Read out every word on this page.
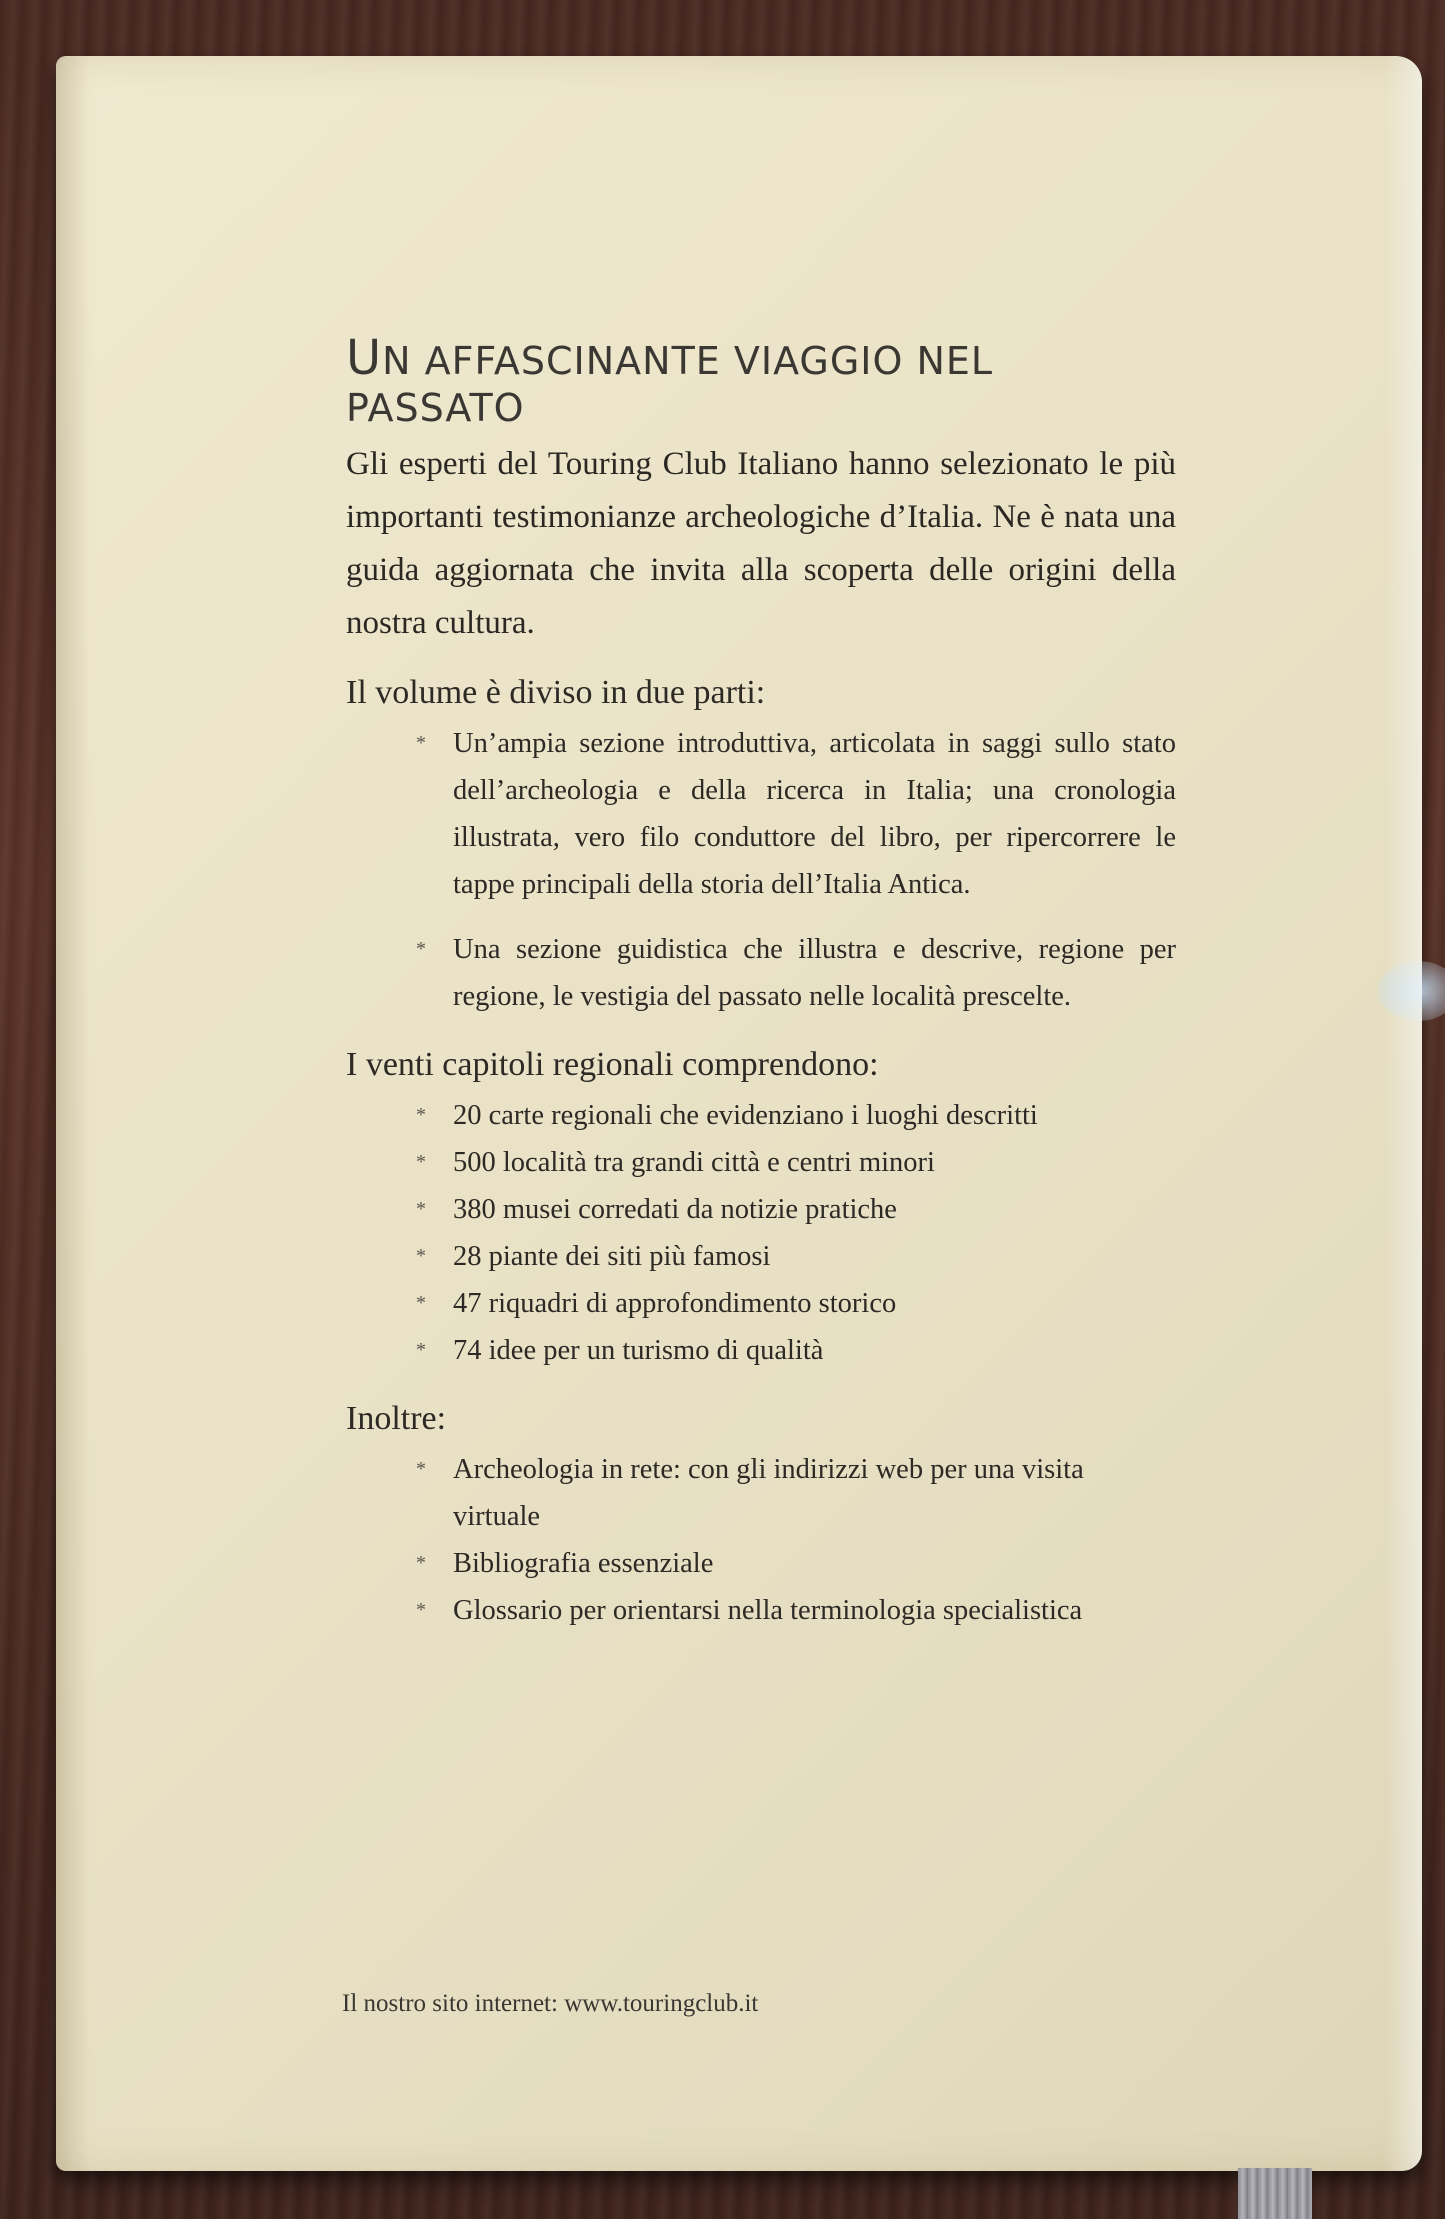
UN AFFASCINANTE VIAGGIO NEL PASSATO

Gli esperti del Touring Club Italiano hanno selezionato le più importanti testimonianze archeologiche d’Italia. Ne è nata una guida aggiornata che invita alla scoperta delle origini della nostra cultura.

Il volume è diviso in due parti:
* Un’ampia sezione introduttiva, articolata in saggi sullo stato dell’archeologia e della ricerca in Italia; una cronologia illustrata, vero filo conduttore del libro, per ripercorrere le tappe principali della storia dell’Italia Antica.
* Una sezione guidistica che illustra e descrive, regione per regione, le vestigia del passato nelle località prescelte.
I venti capitoli regionali comprendono:
* 20 carte regionali che evidenziano i luoghi descritti
* 500 località tra grandi città e centri minori
* 380 musei corredati da notizie pratiche
* 28 piante dei siti più famosi
* 47 riquadri di approfondimento storico
* 74 idee per un turismo di qualità
Inoltre:
* Archeologia in rete: con gli indirizzi web per una visita virtuale
* Bibliografia essenziale
* Glossario per orientarsi nella terminologia specialistica
Il nostro sito internet: www.touringclub.it
